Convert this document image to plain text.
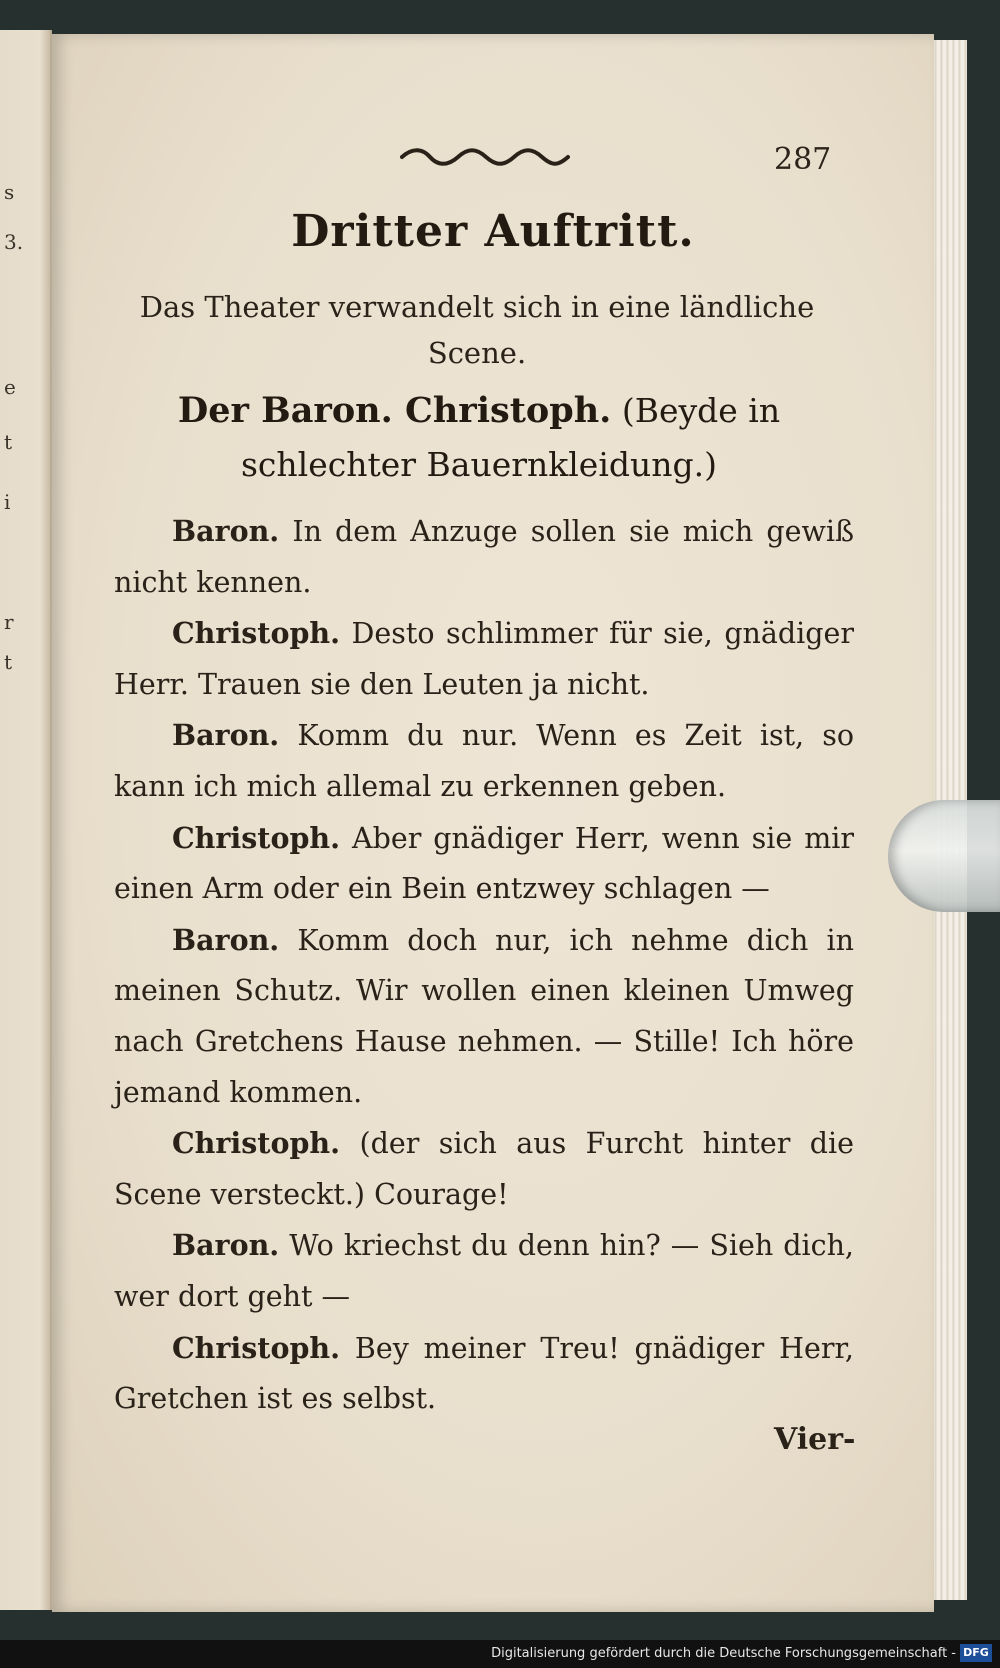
s
3.
e
t
i
r
t
287
Dritter Auftritt.
Das Theater verwandelt sich in eine ländliche Scene.
Der Baron. Christoph. (Beyde in schlechter Bauernkleidung.)

Baron. In dem Anzuge sollen sie mich gewiß nicht kennen.

Christoph. Desto schlimmer für sie, gnädiger Herr. Trauen sie den Leuten ja nicht.

Baron. Komm du nur. Wenn es Zeit ist, so kann ich mich allemal zu erkennen geben.

Christoph. Aber gnädiger Herr, wenn sie mir einen Arm oder ein Bein entzwey schlagen —

Baron. Komm doch nur, ich nehme dich in meinen Schutz. Wir wollen einen kleinen Umweg nach Gretchens Hause nehmen. — Stille! Ich höre jemand kommen.

Christoph. (der sich aus Furcht hinter die Scene versteckt.) Courage!

Baron. Wo kriechst du denn hin? — Sieh dich, wer dort geht —

Christoph. Bey meiner Treu! gnädiger Herr, Gretchen ist es selbst.

Vier-
Digitalisierung gefördert durch die Deutsche Forschungsgemeinschaft - DFG
